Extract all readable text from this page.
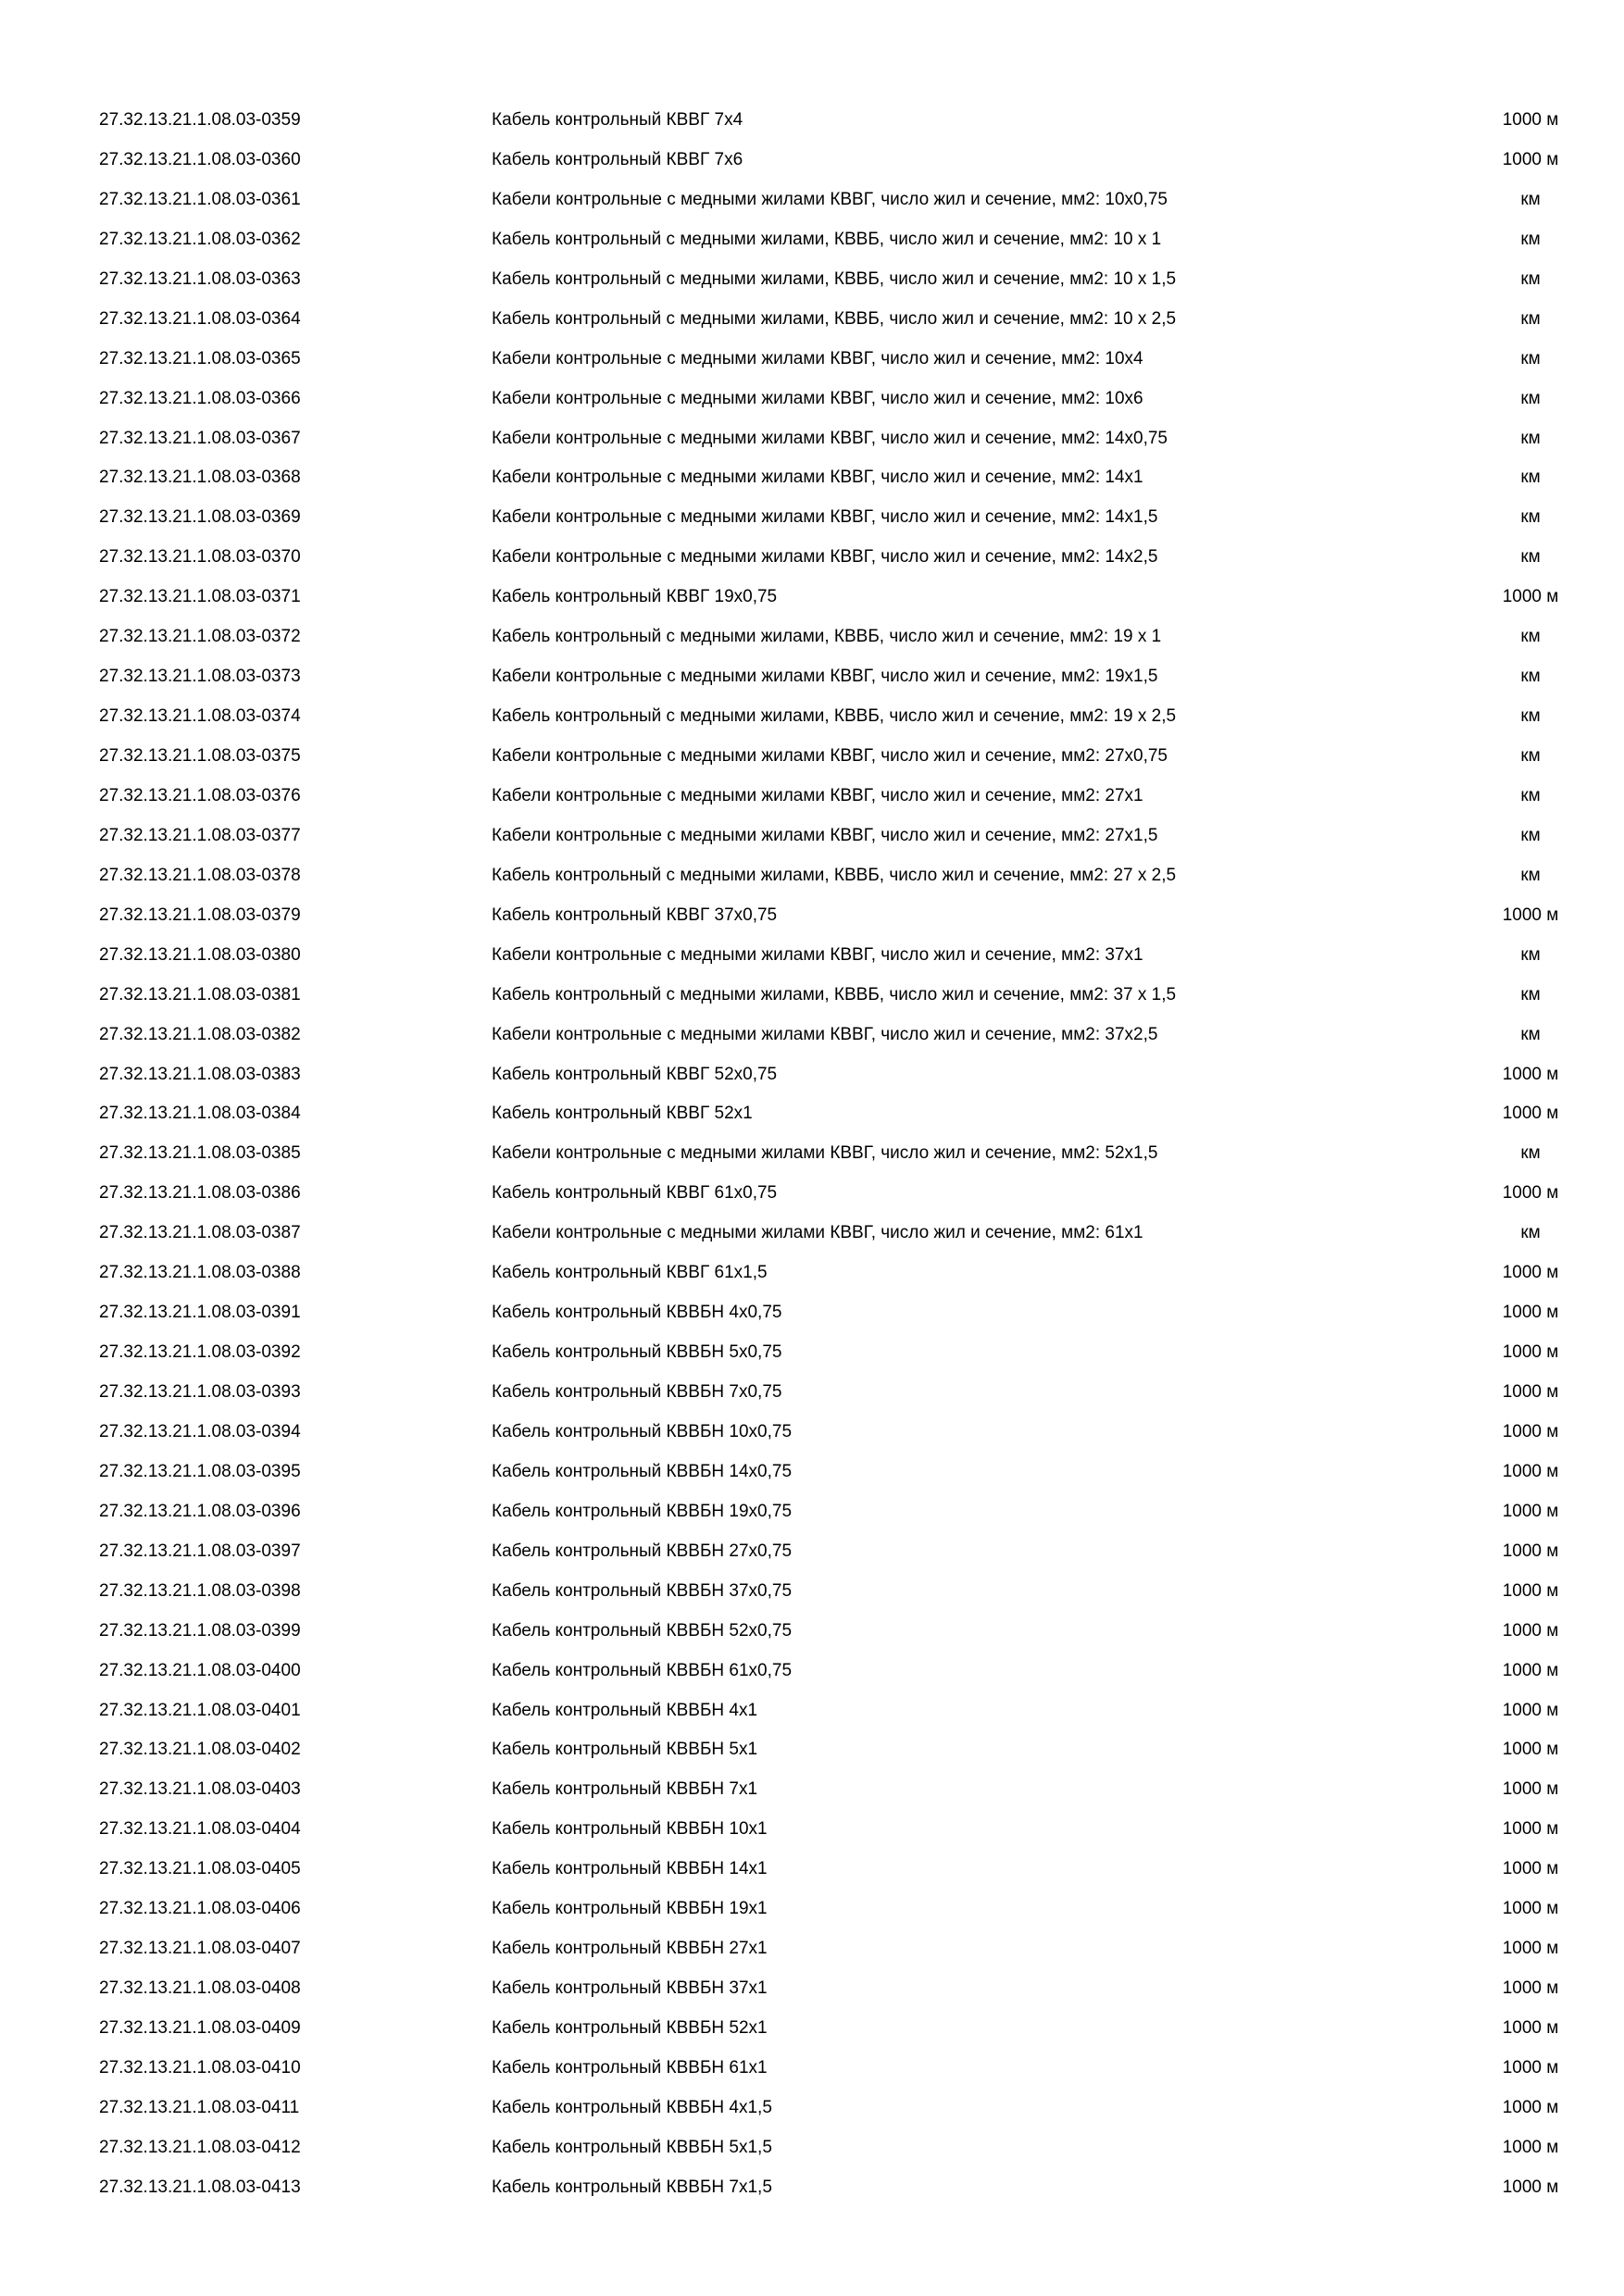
27.32.13.21.1.08.03-0359	Кабель контрольный КВВГ 7х4	1000 м
27.32.13.21.1.08.03-0360	Кабель контрольный КВВГ 7х6	1000 м
27.32.13.21.1.08.03-0361	Кабели контрольные с медными жилами КВВГ, число жил и сечение, мм2: 10х0,75	км
27.32.13.21.1.08.03-0362	Кабель контрольный с медными жилами, КВВБ, число жил и сечение, мм2: 10 х 1	км
27.32.13.21.1.08.03-0363	Кабель контрольный с медными жилами, КВВБ, число жил и сечение, мм2: 10 х 1,5	км
27.32.13.21.1.08.03-0364	Кабель контрольный с медными жилами, КВВБ, число жил и сечение, мм2: 10 х 2,5	км
27.32.13.21.1.08.03-0365	Кабели контрольные с медными жилами КВВГ, число жил и сечение, мм2: 10х4	км
27.32.13.21.1.08.03-0366	Кабели контрольные с медными жилами КВВГ, число жил и сечение, мм2: 10х6	км
27.32.13.21.1.08.03-0367	Кабели контрольные с медными жилами КВВГ, число жил и сечение, мм2: 14х0,75	км
27.32.13.21.1.08.03-0368	Кабели контрольные с медными жилами КВВГ, число жил и сечение, мм2: 14х1	км
27.32.13.21.1.08.03-0369	Кабели контрольные с медными жилами КВВГ, число жил и сечение, мм2: 14х1,5	км
27.32.13.21.1.08.03-0370	Кабели контрольные с медными жилами КВВГ, число жил и сечение, мм2: 14х2,5	км
27.32.13.21.1.08.03-0371	Кабель контрольный КВВГ 19х0,75	1000 м
27.32.13.21.1.08.03-0372	Кабель контрольный с медными жилами, КВВБ, число жил и сечение, мм2: 19 х 1	км
27.32.13.21.1.08.03-0373	Кабели контрольные с медными жилами КВВГ, число жил и сечение, мм2: 19х1,5	км
27.32.13.21.1.08.03-0374	Кабель контрольный с медными жилами, КВВБ, число жил и сечение, мм2: 19 х 2,5	км
27.32.13.21.1.08.03-0375	Кабели контрольные с медными жилами КВВГ, число жил и сечение, мм2: 27х0,75	км
27.32.13.21.1.08.03-0376	Кабели контрольные с медными жилами КВВГ, число жил и сечение, мм2: 27х1	км
27.32.13.21.1.08.03-0377	Кабели контрольные с медными жилами КВВГ, число жил и сечение, мм2: 27х1,5	км
27.32.13.21.1.08.03-0378	Кабель контрольный с медными жилами, КВВБ, число жил и сечение, мм2: 27 х 2,5	км
27.32.13.21.1.08.03-0379	Кабель контрольный КВВГ 37х0,75	1000 м
27.32.13.21.1.08.03-0380	Кабели контрольные с медными жилами КВВГ, число жил и сечение, мм2: 37х1	км
27.32.13.21.1.08.03-0381	Кабель контрольный с медными жилами, КВВБ, число жил и сечение, мм2: 37 х 1,5	км
27.32.13.21.1.08.03-0382	Кабели контрольные с медными жилами КВВГ, число жил и сечение, мм2: 37х2,5	км
27.32.13.21.1.08.03-0383	Кабель контрольный КВВГ 52х0,75	1000 м
27.32.13.21.1.08.03-0384	Кабель контрольный КВВГ 52х1	1000 м
27.32.13.21.1.08.03-0385	Кабели контрольные с медными жилами КВВГ, число жил и сечение, мм2: 52х1,5	км
27.32.13.21.1.08.03-0386	Кабель контрольный КВВГ 61х0,75	1000 м
27.32.13.21.1.08.03-0387	Кабели контрольные с медными жилами КВВГ, число жил и сечение, мм2: 61х1	км
27.32.13.21.1.08.03-0388	Кабель контрольный КВВГ 61х1,5	1000 м
27.32.13.21.1.08.03-0391	Кабель контрольный КВВБН 4х0,75	1000 м
27.32.13.21.1.08.03-0392	Кабель контрольный КВВБН 5х0,75	1000 м
27.32.13.21.1.08.03-0393	Кабель контрольный КВВБН 7х0,75	1000 м
27.32.13.21.1.08.03-0394	Кабель контрольный КВВБН 10х0,75	1000 м
27.32.13.21.1.08.03-0395	Кабель контрольный КВВБН 14х0,75	1000 м
27.32.13.21.1.08.03-0396	Кабель контрольный КВВБН 19х0,75	1000 м
27.32.13.21.1.08.03-0397	Кабель контрольный КВВБН 27х0,75	1000 м
27.32.13.21.1.08.03-0398	Кабель контрольный КВВБН 37х0,75	1000 м
27.32.13.21.1.08.03-0399	Кабель контрольный КВВБН 52х0,75	1000 м
27.32.13.21.1.08.03-0400	Кабель контрольный КВВБН 61х0,75	1000 м
27.32.13.21.1.08.03-0401	Кабель контрольный КВВБН 4х1	1000 м
27.32.13.21.1.08.03-0402	Кабель контрольный КВВБН 5х1	1000 м
27.32.13.21.1.08.03-0403	Кабель контрольный КВВБН 7х1	1000 м
27.32.13.21.1.08.03-0404	Кабель контрольный КВВБН 10х1	1000 м
27.32.13.21.1.08.03-0405	Кабель контрольный КВВБН 14х1	1000 м
27.32.13.21.1.08.03-0406	Кабель контрольный КВВБН 19х1	1000 м
27.32.13.21.1.08.03-0407	Кабель контрольный КВВБН 27х1	1000 м
27.32.13.21.1.08.03-0408	Кабель контрольный КВВБН 37х1	1000 м
27.32.13.21.1.08.03-0409	Кабель контрольный КВВБН 52х1	1000 м
27.32.13.21.1.08.03-0410	Кабель контрольный КВВБН 61х1	1000 м
27.32.13.21.1.08.03-0411	Кабель контрольный КВВБН 4х1,5	1000 м
27.32.13.21.1.08.03-0412	Кабель контрольный КВВБН 5х1,5	1000 м
27.32.13.21.1.08.03-0413	Кабель контрольный КВВБН 7х1,5	1000 м
